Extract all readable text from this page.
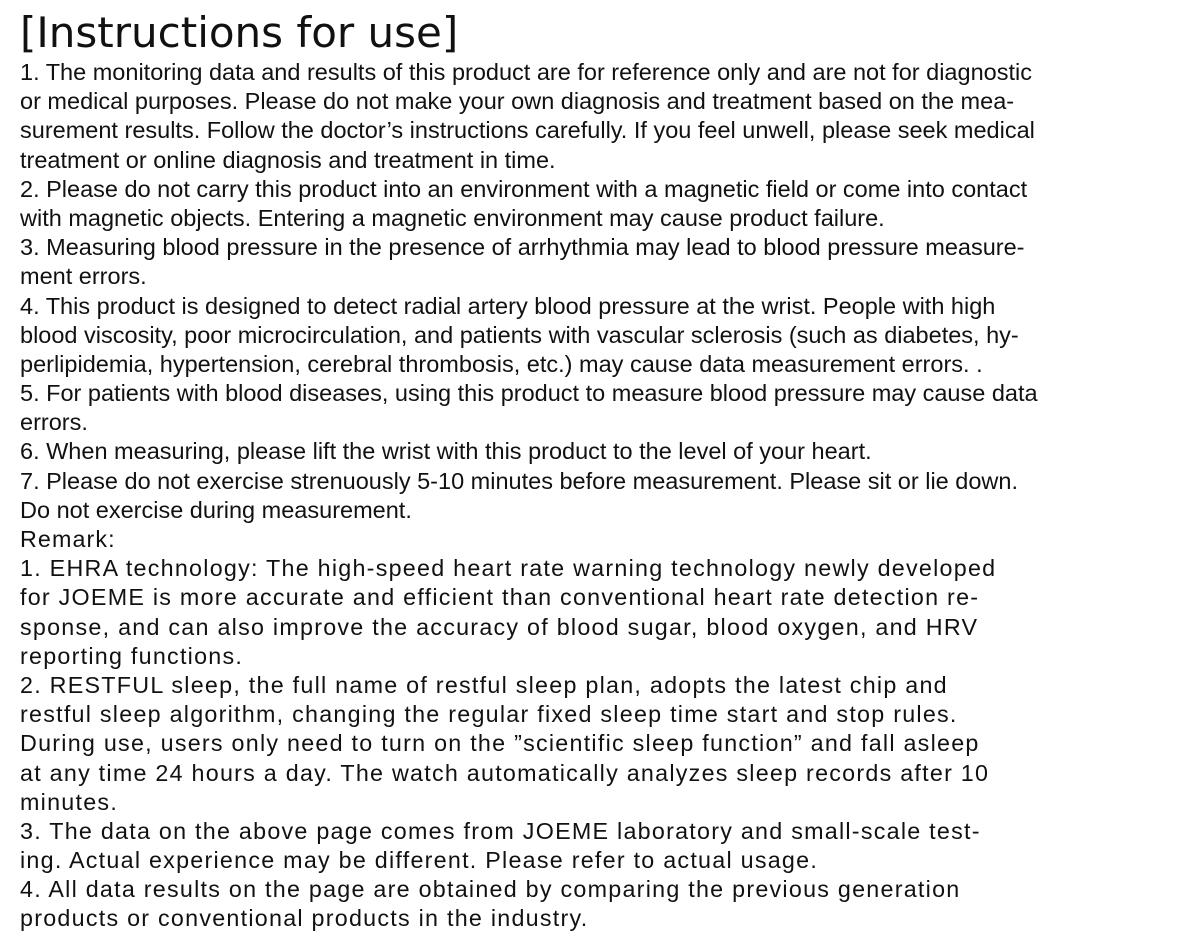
[Instructions for use]
1. The monitoring data and results of this product are for reference only and are not for diagnostic
or medical purposes. Please do not make your own diagnosis and treatment based on the mea-
surement results. Follow the doctor’s instructions carefully. If you feel unwell, please seek medical
treatment or online diagnosis and treatment in time.
2. Please do not carry this product into an environment with a magnetic field or come into contact
with magnetic objects. Entering a magnetic environment may cause product failure.
3. Measuring blood pressure in the presence of arrhythmia may lead to blood pressure measure-
ment errors.
4. This product is designed to detect radial artery blood pressure at the wrist. People with high
blood viscosity, poor microcirculation, and patients with vascular sclerosis (such as diabetes, hy-
perlipidemia, hypertension, cerebral thrombosis, etc.) may cause data measurement errors. .
5. For patients with blood diseases, using this product to measure blood pressure may cause data
errors.
6. When measuring, please lift the wrist with this product to the level of your heart.
7. Please do not exercise strenuously 5-10 minutes before measurement. Please sit or lie down.
Do not exercise during measurement.
Remark:
1. EHRA technology: The high-speed heart rate warning technology newly developed
for JOEME is more accurate and efficient than conventional heart rate detection re-
sponse, and can also improve the accuracy of blood sugar, blood oxygen, and HRV
reporting functions.
2. RESTFUL sleep, the full name of restful sleep plan, adopts the latest chip and
restful sleep algorithm, changing the regular fixed sleep time start and stop rules.
During use, users only need to turn on the ”scientific sleep function” and fall asleep
at any time 24 hours a day. The watch automatically analyzes sleep records after 10
minutes.
3. The data on the above page comes from JOEME laboratory and small-scale test-
ing. Actual experience may be different. Please refer to actual usage.
4. All data results on the page are obtained by comparing the previous generation
products or conventional products in the industry.
